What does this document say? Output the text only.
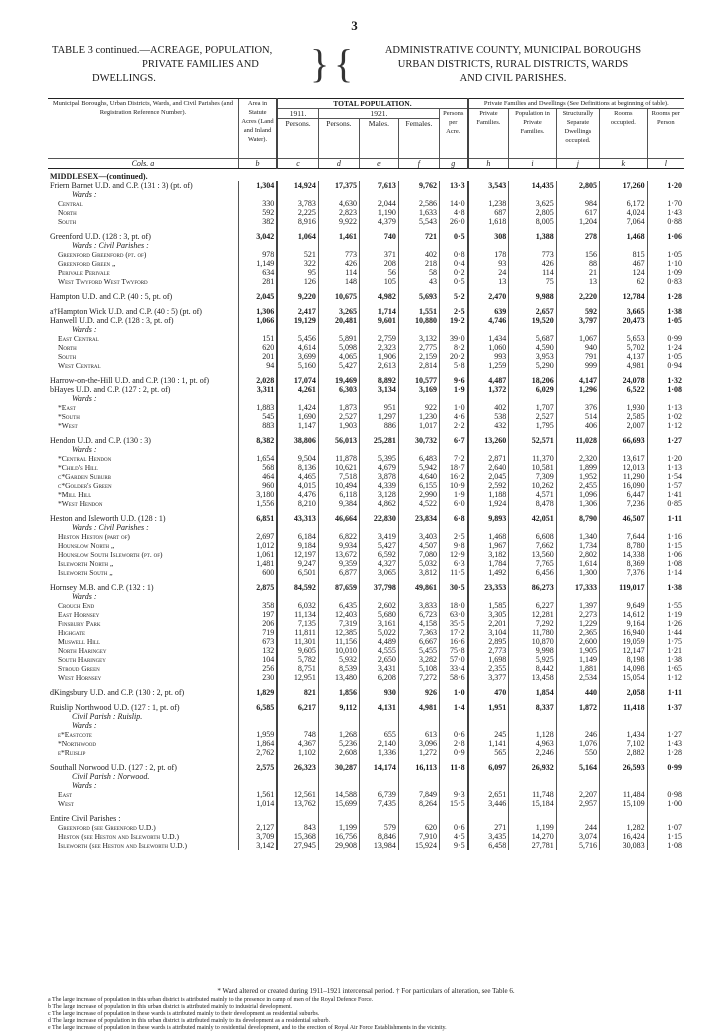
3
TABLE 3 continued.—ACREAGE, POPULATION,
PRIVATE FAMILIES AND
DWELLINGS.	} {	ADMINISTRATIVE COUNTY, MUNICIPAL BOROUGHS
URBAN DISTRICTS, RURAL DISTRICTS, WARDS
AND CIVIL PARISHES.
Municipal Boroughs, Urban Districts, Wards, and Civil Parishes (and Registration Reference Number).	Area in Statute Acres (Land and Inland Water).	TOTAL POPULATION.					Private Families and Dwellings (See Definitions at beginning of table).				
		1911.	1921.			Persons per Acre.	Private Families.	Population in Private Families.	Structurally Separate Dwellings occupied.	Rooms occupied.	Rooms per Person
		Persons.	Persons.	Males.	Females.						
Cols. a	b	c	d	e	f	g	h	i	j	k	l
MIDDLESEX—(continued).											
Friern Barnet U.D. and C.P. (131 : 3) (pt. of)	1,304	14,924	17,375	7,613	9,762	13·3	3,543	14,435	2,805	17,260	1·20
Wards :											
Central	330	3,783	4,630	2,044	2,586	14·0	1,238	3,625	984	6,172	1·70
North	592	2,225	2,823	1,190	1,633	4·8	687	2,805	617	4,024	1·43
South	382	8,916	9,922	4,379	5,543	26·0	1,618	8,005	1,204	7,064	0·88

Greenford U.D. (128 : 3, pt. of)	3,042	1,064	1,461	740	721	0·5	308	1,388	278	1,468	1·06
Wards : Civil Parishes :											
Greenford Greenford (pt. of)	978	521	773	371	402	0·8	178	773	156	815	1·05
Greenford Green „	1,149	322	426	208	218	0·4	93	426	88	467	1·10
Perivale Perivale	634	95	114	56	58	0·2	24	114	21	124	1·09
West Twyford West Twyford	281	126	148	105	43	0·5	13	75	13	62	0·83

Hampton U.D. and C.P. (40 : 5, pt. of)	2,045	9,220	10,675	4,982	5,693	5·2	2,470	9,988	2,220	12,784	1·28

a†Hampton Wick U.D. and C.P. (40 : 5) (pt. of)	1,306	2,417	3,265	1,714	1,551	2·5	639	2,657	592	3,665	1·38
Hanwell U.D. and C.P. (128 : 3, pt. of)	1,066	19,129	20,481	9,601	10,880	19·2	4,746	19,520	3,797	20,473	1·05
Wards :											
East Central	151	5,456	5,891	2,759	3,132	39·0	1,434	5,687	1,067	5,653	0·99
North	620	4,614	5,098	2,323	2,775	8·2	1,060	4,590	940	5,702	1·24
South	201	3,699	4,065	1,906	2,159	20·2	993	3,953	791	4,137	1·05
West Central	94	5,160	5,427	2,613	2,814	5·8	1,259	5,290	999	4,981	0·94

Harrow-on-the-Hill U.D. and C.P. (130 : 1, pt. of)	2,028	17,074	19,469	8,892	10,577	9·6	4,487	18,206	4,147	24,078	1·32
bHayes U.D. and C.P. (127 : 2, pt. of)	3,311	4,261	6,303	3,134	3,169	1·9	1,372	6,029	1,296	6,522	1·08
Wards :											
*East	1,883	1,424	1,873	951	922	1·0	402	1,707	376	1,930	1·13
*South	545	1,690	2,527	1,297	1,230	4·6	538	2,527	514	2,585	1·02
*West	883	1,147	1,903	886	1,017	2·2	432	1,795	406	2,007	1·12

Hendon U.D. and C.P. (130 : 3)	8,382	38,806	56,013	25,281	30,732	6·7	13,260	52,571	11,028	66,693	1·27
Wards :											
*Central Hendon	1,654	9,504	11,878	5,395	6,483	7·2	2,871	11,370	2,320	13,617	1·20
*Child's Hill	568	8,136	10,621	4,679	5,942	18·7	2,640	10,581	1,899	12,013	1·13
c*Garden Suburb	464	4,465	7,518	3,878	4,640	16·2	2,045	7,309	1,952	11,290	1·54
c*Golder's Green	960	4,015	10,494	4,339	6,155	10·9	2,592	10,262	2,455	16,090	1·57
*Mill Hill	3,180	4,476	6,118	3,128	2,990	1·9	1,188	4,571	1,096	6,447	1·41
*West Hendon	1,556	8,210	9,384	4,862	4,522	6·0	1,924	8,478	1,306	7,236	0·85

Heston and Isleworth U.D. (128 : 1)	6,851	43,313	46,664	22,830	23,834	6·8	9,893	42,051	8,790	46,507	1·11
Wards : Civil Parishes :											
Heston Heston (part of)	2,697	6,184	6,822	3,419	3,403	2·5	1,468	6,608	1,340	7,644	1·16
Hounslow North „	1,012	9,184	9,934	5,427	4,507	9·8	1,967	7,662	1,734	8,780	1·15
Hounslow South Isleworth (pt. of)	1,061	12,197	13,672	6,592	7,080	12·9	3,182	13,560	2,802	14,338	1·06
Isleworth North „	1,481	9,247	9,359	4,327	5,032	6·3	1,784	7,765	1,614	8,369	1·08
Isleworth South „	600	6,501	6,877	3,065	3,812	11·5	1,492	6,456	1,300	7,376	1·14

Hornsey M.B. and C.P. (132 : 1)	2,875	84,592	87,659	37,798	49,861	30·5	23,353	86,273	17,333	119,017	1·38
Wards :											
Crouch End	358	6,032	6,435	2,602	3,833	18·0	1,585	6,227	1,397	9,649	1·55
East Hornsey	197	11,134	12,403	5,680	6,723	63·0	3,305	12,281	2,273	14,612	1·19
Finsbury Park	206	7,135	7,319	3,161	4,158	35·5	2,201	7,292	1,229	9,164	1·26
Highgate	719	11,811	12,385	5,022	7,363	17·2	3,104	11,780	2,365	16,940	1·44
Muswell Hill	673	11,301	11,156	4,489	6,667	16·6	2,895	10,870	2,600	19,059	1·75
North Haringey	132	9,605	10,010	4,555	5,455	75·8	2,773	9,998	1,905	12,147	1·21
South Haringey	104	5,782	5,932	2,650	3,282	57·0	1,698	5,925	1,149	8,198	1·38
Stroud Green	256	8,751	8,539	3,431	5,108	33·4	2,355	8,442	1,881	14,098	1·65
West Hornsey	230	12,951	13,480	6,208	7,272	58·6	3,377	13,458	2,534	15,054	1·12

dKingsbury U.D. and C.P. (130 : 2, pt. of)	1,829	821	1,856	930	926	1·0	470	1,854	440	2,058	1·11

Ruislip Northwood U.D. (127 : 1, pt. of)	6,585	6,217	9,112	4,131	4,981	1·4	1,951	8,337	1,872	11,418	1·37
Civil Parish : Ruislip.											
Wards :											
e*Eastcote	1,959	748	1,268	655	613	0·6	245	1,128	246	1,434	1·27
*Northwood	1,864	4,367	5,236	2,140	3,096	2·8	1,141	4,963	1,076	7,102	1·43
e*Ruislip	2,762	1,102	2,608	1,336	1,272	0·9	565	2,246	550	2,882	1·28

Southall Norwood U.D. (127 : 2, pt. of)	2,575	26,323	30,287	14,174	16,113	11·8	6,097	26,932	5,164	26,593	0·99
Civil Parish : Norwood.											
Wards :											
East	1,561	12,561	14,588	6,739	7,849	9·3	2,651	11,748	2,207	11,484	0·98
West	1,014	13,762	15,699	7,435	8,264	15·5	3,446	15,184	2,957	15,109	1·00

Entire Civil Parishes :											
Greenford (see Greenford U.D.)	2,127	843	1,199	579	620	0·6	271	1,199	244	1,282	1·07
Heston (see Heston and Isleworth U.D.)	3,709	15,368	16,756	8,846	7,910	4·5	3,435	14,270	3,074	16,424	1·15
Isleworth (see Heston and Isleworth U.D.)	3,142	27,945	29,908	13,984	15,924	9·5	6,458	27,781	5,716	30,083	1·08
* Ward altered or created during 1911–1921 intercensal period. † For particulars of alteration, see Table 6.
a The large increase of population in this urban district is attributed mainly to the presence in camp of men of the Royal Defence Force.
b The large increase of population in this urban district is attributed mainly to industrial development.
c The large increase of population in these wards is attributed mainly to their development as residential suburbs.
d The large increase of population in this urban district is attributed mainly to its development as a residential suburb.
e The large increase of population in these wards is attributed mainly to residential development, and to the erection of Royal Air Force Establishments in the vicinity.
